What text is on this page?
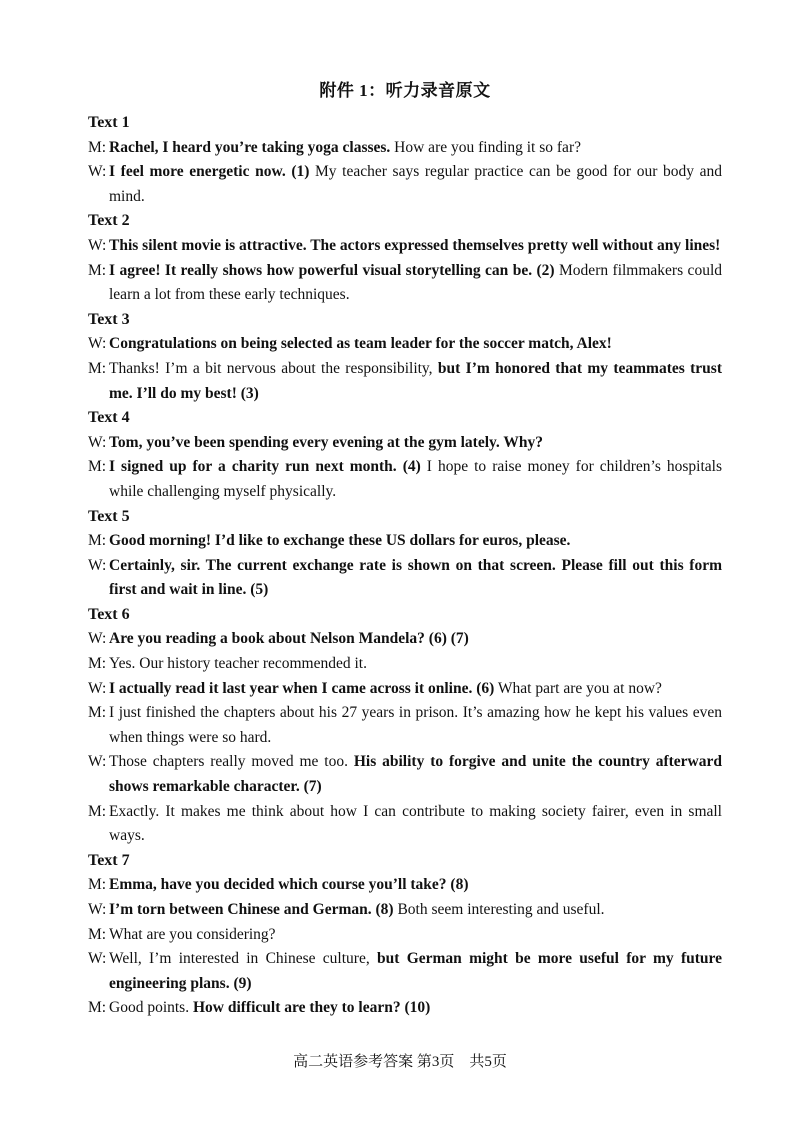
附件 1：听力录音原文
Text 1
M: Rachel, I heard you’re taking yoga classes. How are you finding it so far?
W: I feel more energetic now. (1) My teacher says regular practice can be good for our body and mind.
Text 2
W: This silent movie is attractive. The actors expressed themselves pretty well without any lines!
M: I agree! It really shows how powerful visual storytelling can be. (2) Modern filmmakers could learn a lot from these early techniques.
Text 3
W: Congratulations on being selected as team leader for the soccer match, Alex!
M: Thanks! I’m a bit nervous about the responsibility, but I’m honored that my teammates trust me. I’ll do my best! (3)
Text 4
W: Tom, you’ve been spending every evening at the gym lately. Why?
M: I signed up for a charity run next month. (4) I hope to raise money for children’s hospitals while challenging myself physically.
Text 5
M: Good morning! I’d like to exchange these US dollars for euros, please.
W: Certainly, sir. The current exchange rate is shown on that screen. Please fill out this form first and wait in line. (5)
Text 6
W: Are you reading a book about Nelson Mandela? (6) (7)
M: Yes. Our history teacher recommended it.
W: I actually read it last year when I came across it online. (6) What part are you at now?
M: I just finished the chapters about his 27 years in prison. It’s amazing how he kept his values even when things were so hard.
W: Those chapters really moved me too. His ability to forgive and unite the country afterward shows remarkable character. (7)
M: Exactly. It makes me think about how I can contribute to making society fairer, even in small ways.
Text 7
M: Emma, have you decided which course you’ll take? (8)
W: I’m torn between Chinese and German. (8) Both seem interesting and useful.
M: What are you considering?
W: Well, I’m interested in Chinese culture, but German might be more useful for my future engineering plans. (9)
M: Good points. How difficult are they to learn? (10)
高二英语参考答案 第3页　共5页
